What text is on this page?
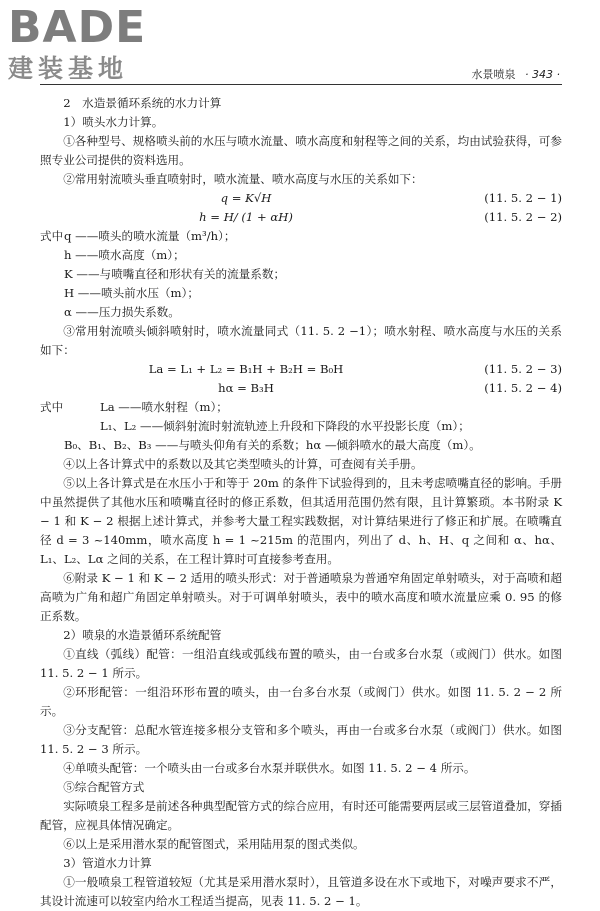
BADE
建装基地	水景喷泉 · 343 ·

2　水造景循环系统的水力计算

1）喷头水力计算。

①各种型号、规格喷头前的水压与喷水流量、喷水高度和射程等之间的关系，均由试验获得，可参照专业公司提供的资料选用。

②常用射流喷头垂直喷射时，喷水流量、喷水高度与水压的关系如下：

q = K√H	(11. 5. 2 − 1)
h = H/ (1 + αH)	(11. 5. 2 − 2)
式中 q ——喷头的喷水流量（m³/h）；

h ——喷水高度（m）；

K ——与喷嘴直径和形状有关的流量系数；

H ——喷头前水压（m）；

α ——压力损失系数。

③常用射流喷头倾斜喷射时，喷水流量同式（11. 5. 2 −1）；喷水射程、喷水高度与水压的关系如下：

La = L₁ + L₂ = B₁H + B₂H = B₀H	(11. 5. 2 − 3)
hα = B₃H	(11. 5. 2 − 4)
式中	La ——喷水射程（m）；

L₁、L₂ ——倾斜射流时射流轨迹上升段和下降段的水平投影长度（m）；

B₀、B₁、B₂、B₃ ——与喷头仰角有关的系数；hα —倾斜喷水的最大高度（m）。

④以上各计算式中的系数以及其它类型喷头的计算，可查阅有关手册。

⑤以上各计算式是在水压小于和等于 20m 的条件下试验得到的，且未考虑喷嘴直径的影响。手册中虽然提供了其他水压和喷嘴直径时的修正系数，但其适用范围仍然有限，且计算繁琐。本书附录 K − 1 和 K − 2 根据上述计算式，并参考大量工程实践数据，对计算结果进行了修正和扩展。在喷嘴直径 d = 3 ~140mm，喷水高度 h = 1 ~215m 的范围内，列出了 d、h、H、q 之间和 α、hα、L₁、L₂、Lα 之间的关系，在工程计算时可直接参考查用。

⑥附录 K − 1 和 K − 2 适用的喷头形式：对于普通喷泉为普通窄角固定单射喷头，对于高喷和超高喷为广角和超广角固定单射喷头。对于可调单射喷头，表中的喷水高度和喷水流量应乘 0. 95 的修正系数。

2）喷泉的水造景循环系统配管

①直线（弧线）配管：一组沿直线或弧线布置的喷头，由一台或多台水泵（或阀门）供水。如图 11. 5. 2 − 1 所示。

②环形配管：一组沿环形布置的喷头，由一台多台水泵（或阀门）供水。如图 11. 5. 2 − 2 所示。

③分支配管：总配水管连接多根分支管和多个喷头，再由一台或多台水泵（或阀门）供水。如图 11. 5. 2 − 3 所示。

④单喷头配管：一个喷头由一台或多台水泵并联供水。如图 11. 5. 2 − 4 所示。

⑤综合配管方式

实际喷泉工程多是前述各种典型配管方式的综合应用，有时还可能需要两层或三层管道叠加，穿插配管，应视具体情况确定。

⑥以上是采用潜水泵的配管图式，采用陆用泵的图式类似。

3）管道水力计算

①一般喷泉工程管道较短（尤其是采用潜水泵时），且管道多设在水下或地下，对噪声要求不严，其设计流速可以较室内给水工程适当提高，见表 11. 5. 2 − 1。
